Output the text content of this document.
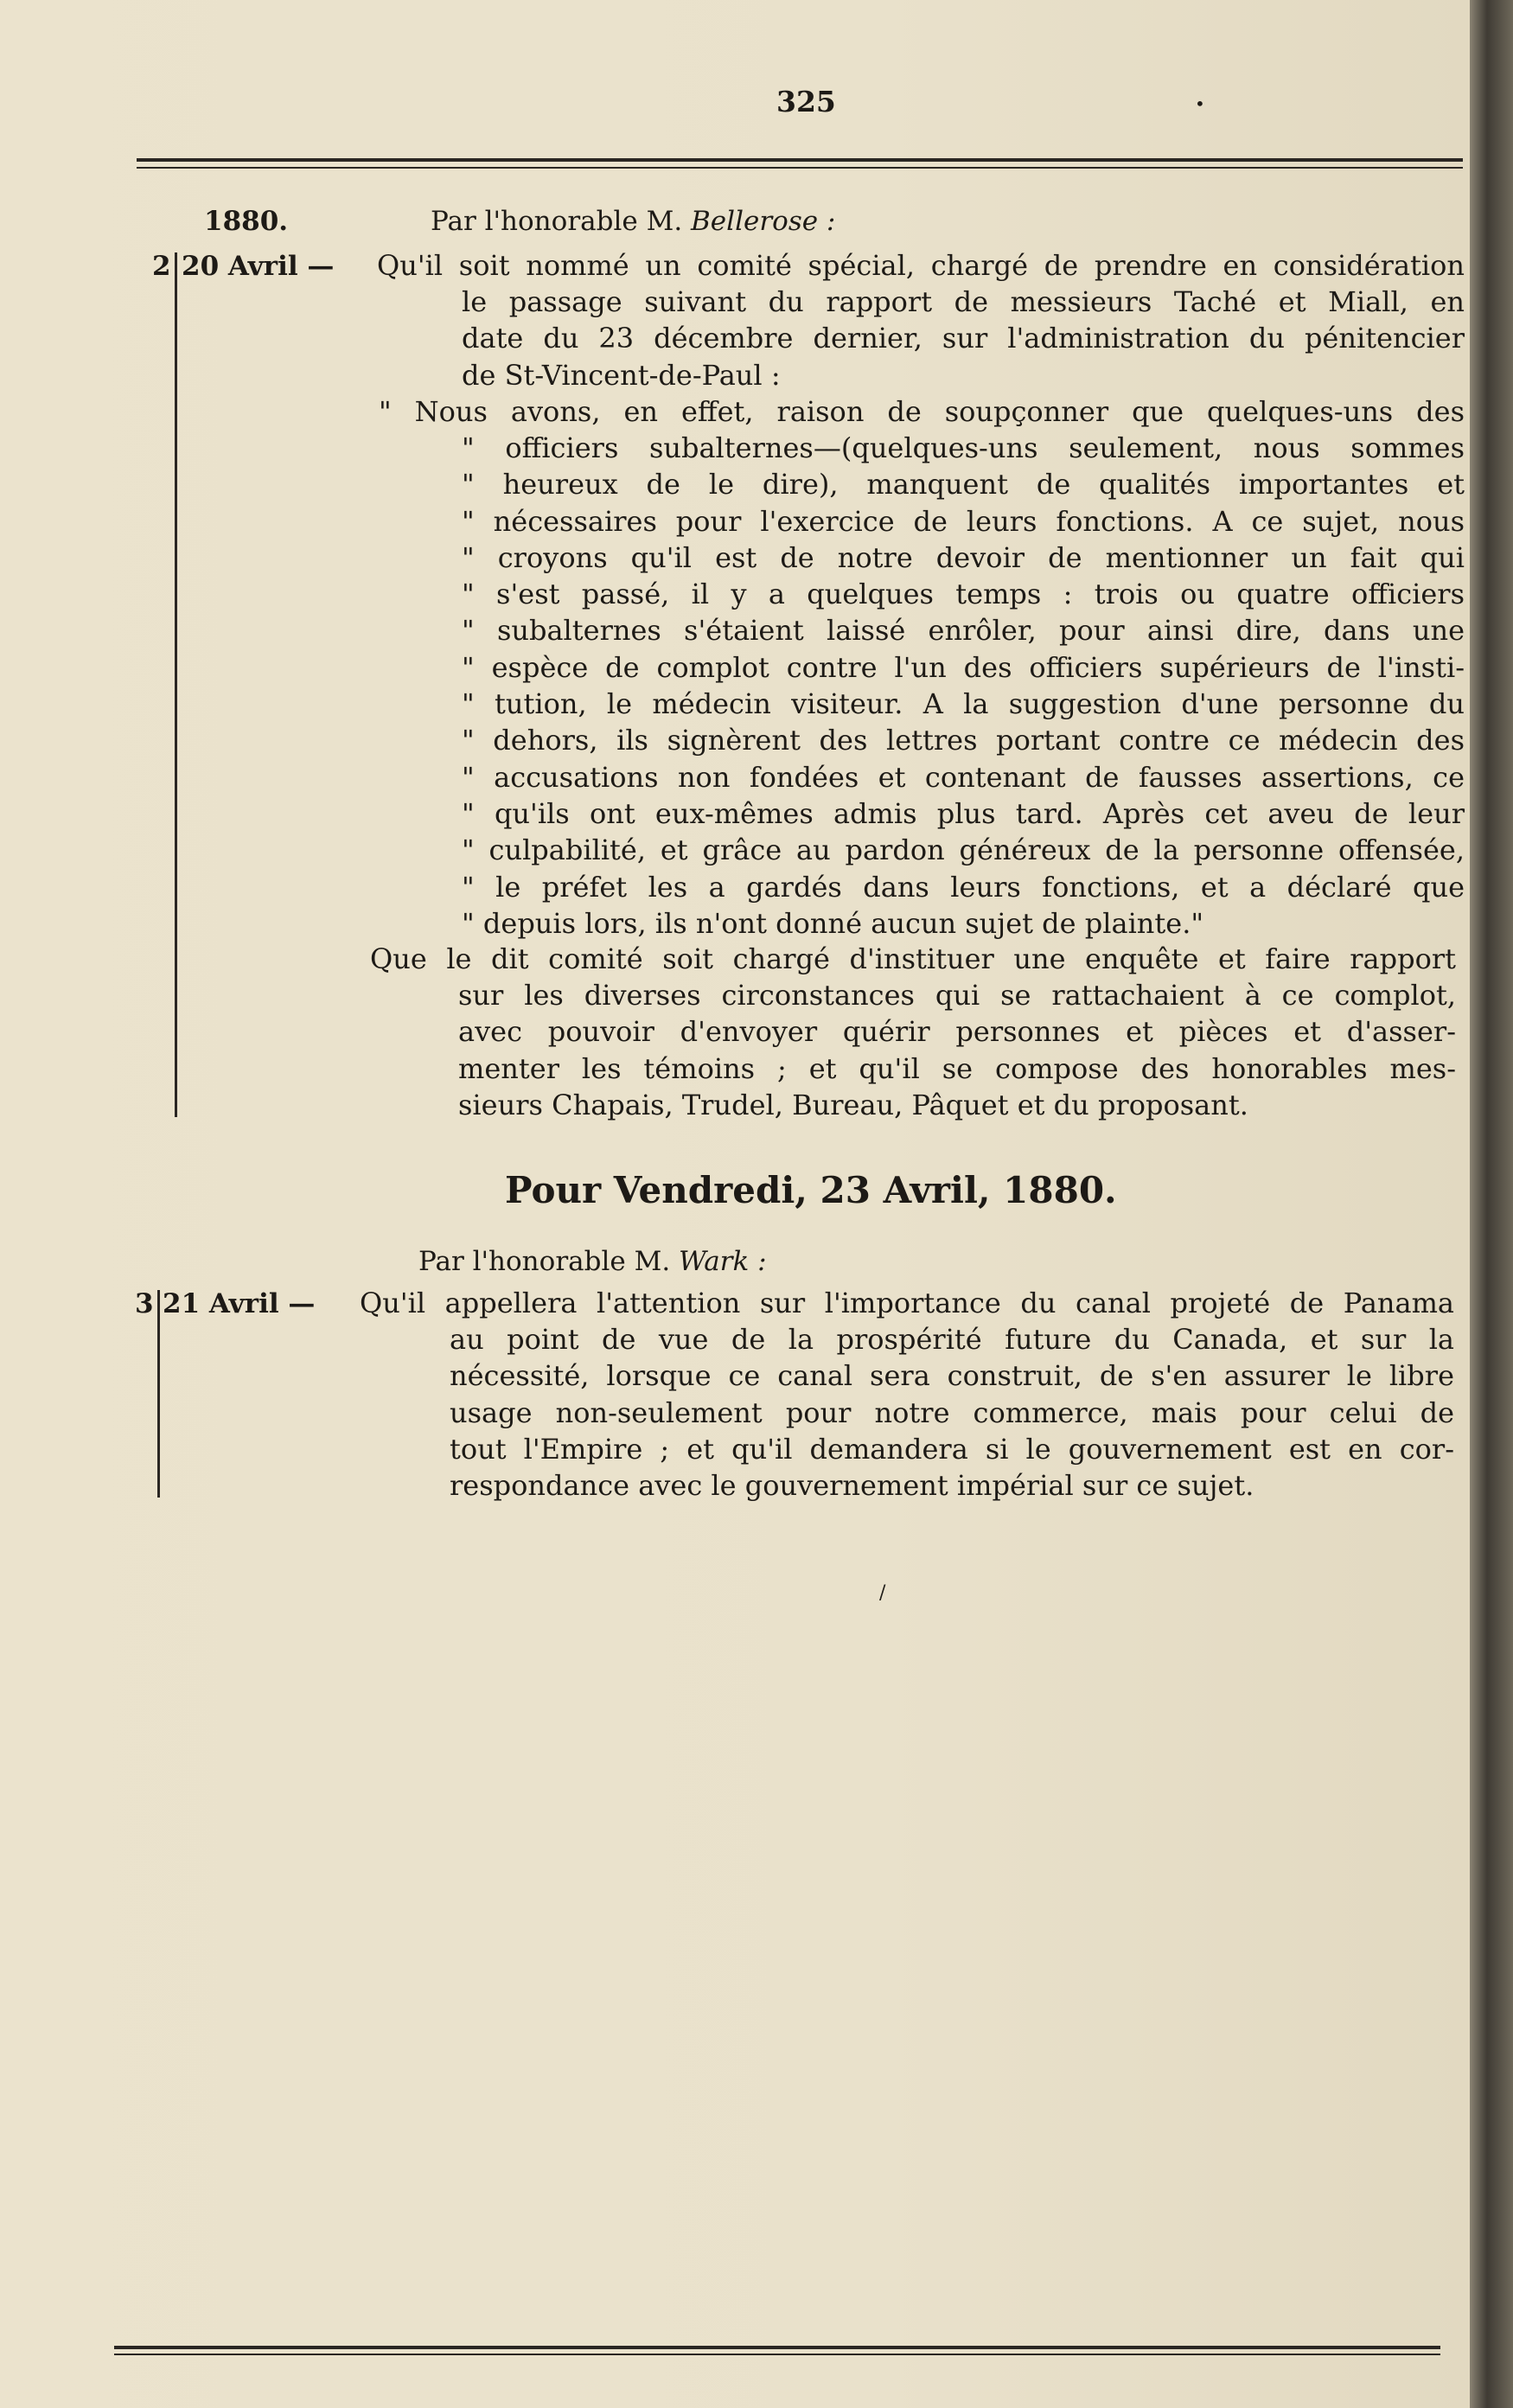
325	•
1880.	Par l'honorable M. Bellerose :
2 20 Avril — Qu'il soit nommé un comité spécial, chargé de prendre en considération
le passage suivant du rapport de messieurs Taché et Miall, en
date du 23 décembre dernier, sur l'administration du pénitencier
de St-Vincent-de-Paul :
" Nous avons, en effet, raison de soupçonner que quelques-uns des
" officiers subalternes—(quelques-uns seulement, nous sommes
" heureux de le dire), manquent de qualités importantes et
" nécessaires pour l'exercice de leurs fonctions. A ce sujet, nous
" croyons qu'il est de notre devoir de mentionner un fait qui
" s'est passé, il y a quelques temps : trois ou quatre officiers
" subalternes s'étaient laissé enrôler, pour ainsi dire, dans une
" espèce de complot contre l'un des officiers supérieurs de l'insti-
" tution, le médecin visiteur. A la suggestion d'une personne du
" dehors, ils signèrent des lettres portant contre ce médecin des
" accusations non fondées et contenant de fausses assertions, ce
" qu'ils ont eux-mêmes admis plus tard. Après cet aveu de leur
" culpabilité, et grâce au pardon généreux de la personne offensée,
" le préfet les a gardés dans leurs fonctions, et a déclaré que
" depuis lors, ils n'ont donné aucun sujet de plainte."
Que le dit comité soit chargé d'instituer une enquête et faire rapport
sur les diverses circonstances qui se rattachaient à ce complot,
avec pouvoir d'envoyer quérir personnes et pièces et d'asser-
menter les témoins ; et qu'il se compose des honorables mes-
sieurs Chapais, Trudel, Bureau, Pâquet et du proposant.
Pour Vendredi, 23 Avril, 1880.
Par l'honorable M. Wark :
3 21 Avril — Qu'il appellera l'attention sur l'importance du canal projeté de Panama
au point de vue de la prospérité future du Canada, et sur la
nécessité, lorsque ce canal sera construit, de s'en assurer le libre
usage non-seulement pour notre commerce, mais pour celui de
tout l'Empire ; et qu'il demandera si le gouvernement est en cor-
respondance avec le gouvernement impérial sur ce sujet.
/
